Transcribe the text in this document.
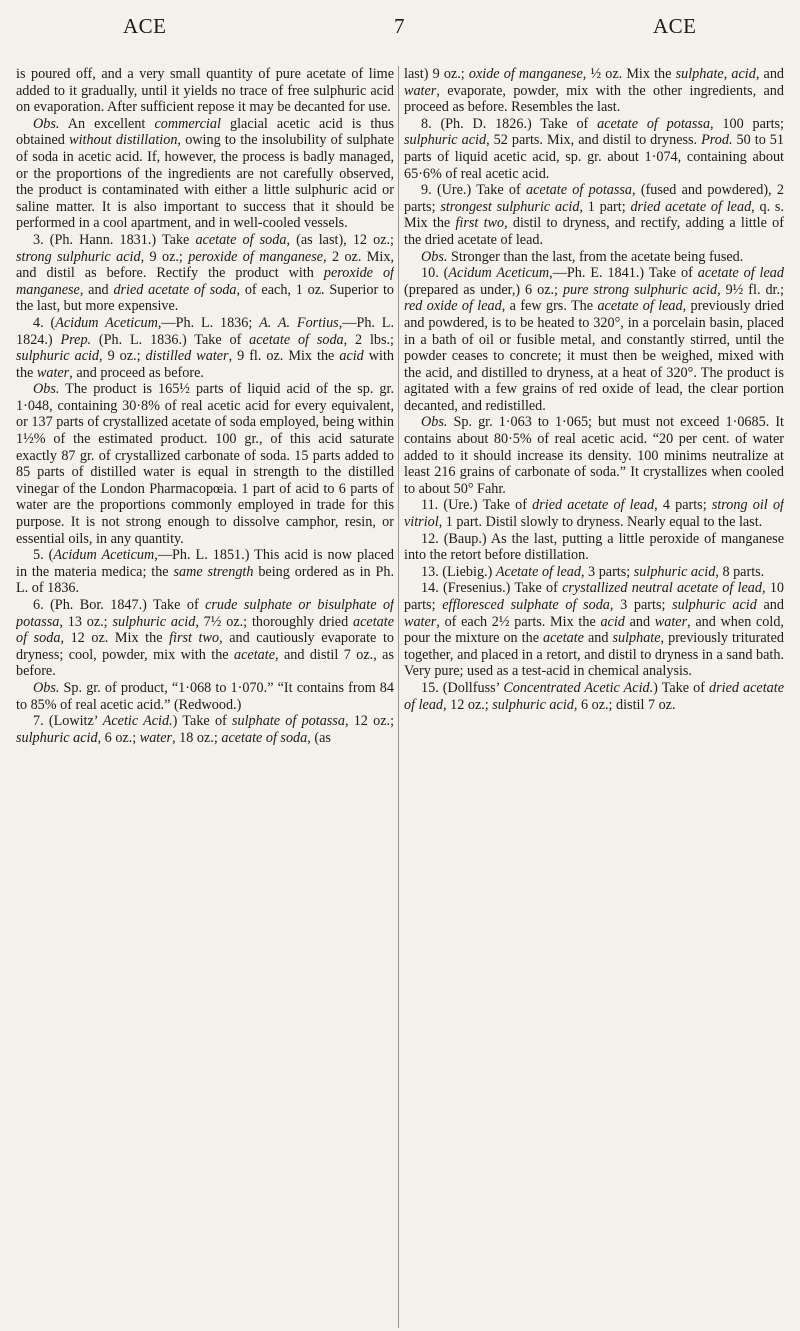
ACE	7	ACE

is poured off, and a very small quantity of pure acetate of lime added to it gradually, until it yields no trace of free sulphuric acid on evaporation. After sufficient repose it may be decanted for use.

Obs. An excellent commercial glacial acetic acid is thus obtained without distillation, owing to the insolubility of sulphate of soda in acetic acid. If, however, the process is badly managed, or the proportions of the ingredients are not carefully observed, the product is contaminated with either a little sulphuric acid or saline matter. It is also important to success that it should be performed in a cool apartment, and in well-cooled vessels.

3. (Ph. Hann. 1831.) Take acetate of soda, (as last), 12 oz.; strong sulphuric acid, 9 oz.; peroxide of manganese, 2 oz. Mix, and distil as before. Rectify the product with peroxide of manganese, and dried acetate of soda, of each, 1 oz. Superior to the last, but more expensive.

4. (Acidum Aceticum,—Ph. L. 1836; A. A. Fortius,—Ph. L. 1824.) Prep. (Ph. L. 1836.) Take of acetate of soda, 2 lbs.; sulphuric acid, 9 oz.; distilled water, 9 fl. oz. Mix the acid with the water, and proceed as before.

Obs. The product is 165½ parts of liquid acid of the sp. gr. 1·048, containing 30·8% of real acetic acid for every equivalent, or 137 parts of crystallized acetate of soda employed, being within 1½% of the estimated product. 100 gr., of this acid saturate exactly 87 gr. of crystallized carbonate of soda. 15 parts added to 85 parts of distilled water is equal in strength to the distilled vinegar of the London Pharmacopœia. 1 part of acid to 6 parts of water are the proportions commonly employed in trade for this purpose. It is not strong enough to dissolve camphor, resin, or essential oils, in any quantity.

5. (Acidum Aceticum,—Ph. L. 1851.) This acid is now placed in the materia medica; the same strength being ordered as in Ph. L. of 1836.

6. (Ph. Bor. 1847.) Take of crude sulphate or bisulphate of potassa, 13 oz.; sulphuric acid, 7½ oz.; thoroughly dried acetate of soda, 12 oz. Mix the first two, and cautiously evaporate to dryness; cool, powder, mix with the acetate, and distil 7 oz., as before.

Obs. Sp. gr. of product, “1·068 to 1·070.” “It contains from 84 to 85% of real acetic acid.” (Redwood.)

7. (Lowitz’ Acetic Acid.) Take of sulphate of potassa, 12 oz.; sulphuric acid, 6 oz.; water, 18 oz.; acetate of soda, (as

last) 9 oz.; oxide of manganese, ½ oz. Mix the sulphate, acid, and water, evaporate, powder, mix with the other ingredients, and proceed as before. Resembles the last.

8. (Ph. D. 1826.) Take of acetate of potassa, 100 parts; sulphuric acid, 52 parts. Mix, and distil to dryness. Prod. 50 to 51 parts of liquid acetic acid, sp. gr. about 1·074, containing about 65·6% of real acetic acid.

9. (Ure.) Take of acetate of potassa, (fused and powdered), 2 parts; strongest sulphuric acid, 1 part; dried acetate of lead, q. s. Mix the first two, distil to dryness, and rectify, adding a little of the dried acetate of lead.

Obs. Stronger than the last, from the acetate being fused.

10. (Acidum Aceticum,—Ph. E. 1841.) Take of acetate of lead (prepared as under,) 6 oz.; pure strong sulphuric acid, 9½ fl. dr.; red oxide of lead, a few grs. The acetate of lead, previously dried and powdered, is to be heated to 320°, in a porcelain basin, placed in a bath of oil or fusible metal, and constantly stirred, until the powder ceases to concrete; it must then be weighed, mixed with the acid, and distilled to dryness, at a heat of 320°. The product is agitated with a few grains of red oxide of lead, the clear portion decanted, and redistilled.

Obs. Sp. gr. 1·063 to 1·065; but must not exceed 1·0685. It contains about 80·5% of real acetic acid. “20 per cent. of water added to it should increase its density. 100 minims neutralize at least 216 grains of carbonate of soda.” It crystallizes when cooled to about 50° Fahr.

11. (Ure.) Take of dried acetate of lead, 4 parts; strong oil of vitriol, 1 part. Distil slowly to dryness. Nearly equal to the last.

12. (Baup.) As the last, putting a little peroxide of manganese into the retort before distillation.

13. (Liebig.) Acetate of lead, 3 parts; sulphuric acid, 8 parts.

14. (Fresenius.) Take of crystallized neutral acetate of lead, 10 parts; effloresced sulphate of soda, 3 parts; sulphuric acid and water, of each 2½ parts. Mix the acid and water, and when cold, pour the mixture on the acetate and sulphate, previously triturated together, and placed in a retort, and distil to dryness in a sand bath. Very pure; used as a test-acid in chemical analysis.

15. (Dollfuss’ Concentrated Acetic Acid.) Take of dried acetate of lead, 12 oz.; sulphuric acid, 6 oz.; distil 7 oz.
